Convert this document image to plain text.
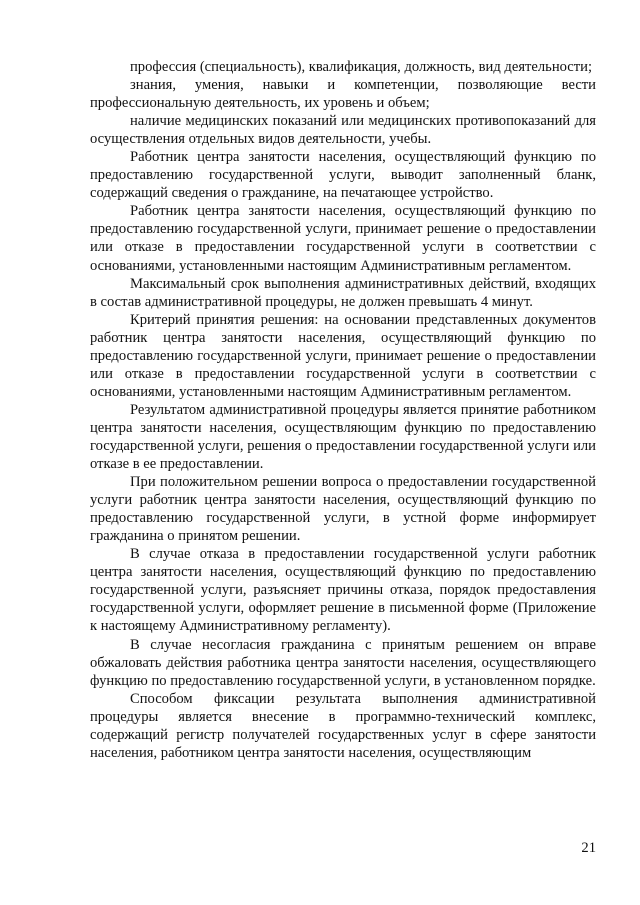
профессия (специальность), квалификация, должность, вид деятельности;

знания, умения, навыки и компетенции, позволяющие вести профессиональную деятельность, их уровень и объем;

наличие медицинских показаний или медицинских противопоказаний для осуществления отдельных видов деятельности, учебы.

Работник центра занятости населения, осуществляющий функцию по предоставлению государственной услуги, выводит заполненный бланк, содержащий сведения о гражданине, на печатающее устройство.

Работник центра занятости населения, осуществляющий функцию по предоставлению государственной услуги, принимает решение о предоставлении или отказе в предоставлении государственной услуги в соответствии с основаниями, установленными настоящим Административным регламентом.

Максимальный срок выполнения административных действий, входящих в состав административной процедуры, не должен превышать 4 минут.

Критерий принятия решения: на основании представленных документов работник центра занятости населения, осуществляющий функцию по предоставлению государственной услуги, принимает решение о предоставлении или отказе в предоставлении государственной услуги в соответствии с основаниями, установленными настоящим Административным регламентом.

Результатом административной процедуры является принятие работником центра занятости населения, осуществляющим функцию по предоставлению государственной услуги, решения о предоставлении государственной услуги или отказе в ее предоставлении.

При положительном решении вопроса о предоставлении государственной услуги работник центра занятости населения, осуществляющий функцию по предоставлению государственной услуги, в устной форме информирует гражданина о принятом решении.

В случае отказа в предоставлении государственной услуги работник центра занятости населения, осуществляющий функцию по предоставлению государственной услуги, разъясняет причины отказа, порядок предоставления государственной услуги, оформляет решение в письменной форме (Приложение к настоящему Административному регламенту).

В случае несогласия гражданина с принятым решением он вправе обжаловать действия работника центра занятости населения, осуществляющего функцию по предоставлению государственной услуги, в установленном порядке.

Способом фиксации результата выполнения административной процедуры является внесение в программно-технический комплекс, содержащий регистр получателей государственных услуг в сфере занятости населения, работником центра занятости населения, осуществляющим

21
